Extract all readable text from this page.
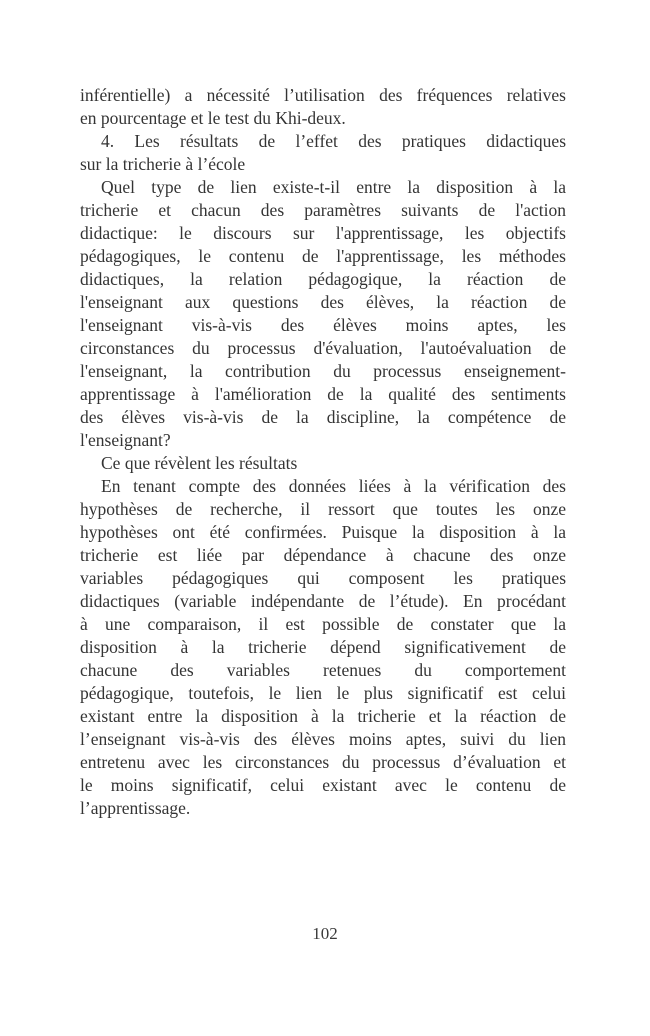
inférentielle) a nécessité l’utilisation des fréquences relatives
en pourcentage et le test du Khi-deux.
4. Les résultats de l’effet des pratiques didactiques
sur la tricherie à l’école
Quel type de lien existe-t-il entre la disposition à la
tricherie et chacun des paramètres suivants de l'action
didactique: le discours sur l'apprentissage, les objectifs
pédagogiques, le contenu de l'apprentissage, les méthodes
didactiques, la relation pédagogique, la réaction de
l'enseignant aux questions des élèves, la réaction de
l'enseignant vis-à-vis des élèves moins aptes, les
circonstances du processus d'évaluation, l'autoévaluation de
l'enseignant, la contribution du processus enseignement-
apprentissage à l'amélioration de la qualité des sentiments
des élèves vis-à-vis de la discipline, la compétence de
l'enseignant?
Ce que révèlent les résultats
En tenant compte des données liées à la vérification des
hypothèses de recherche, il ressort que toutes les onze
hypothèses ont été confirmées. Puisque la disposition à la
tricherie est liée par dépendance à chacune des onze
variables pédagogiques qui composent les pratiques
didactiques (variable indépendante de l’étude). En procédant
à une comparaison, il est possible de constater que la
disposition à la tricherie dépend significativement de
chacune des variables retenues du comportement
pédagogique, toutefois, le lien le plus significatif est celui
existant entre la disposition à la tricherie et la réaction de
l’enseignant vis-à-vis des élèves moins aptes, suivi du lien
entretenu avec les circonstances du processus d’évaluation et
le moins significatif, celui existant avec le contenu de
l’apprentissage.
102
